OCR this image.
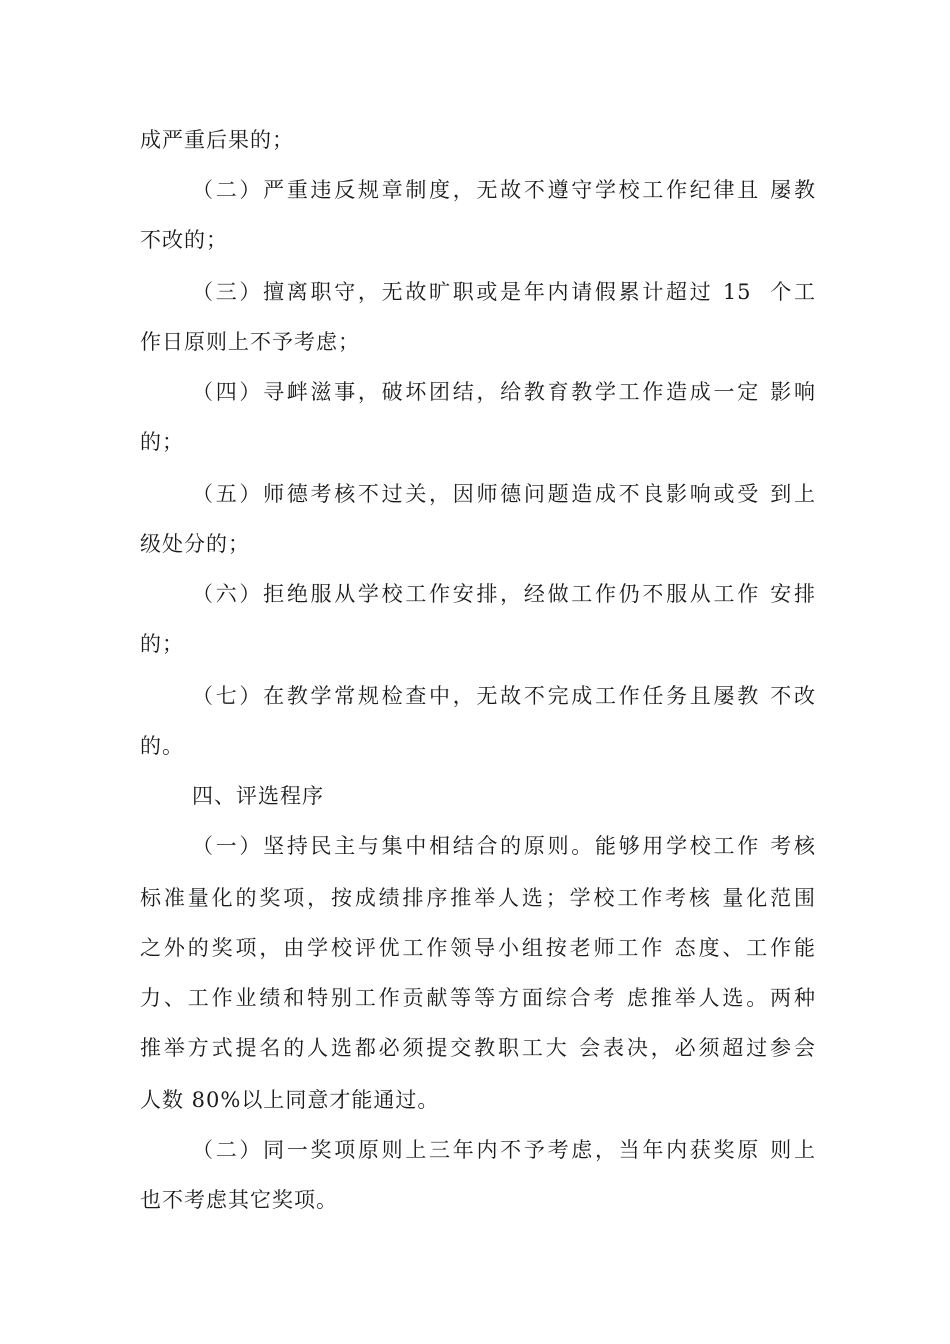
成严重后果的；
（二）严重违反规章制度，无故不遵守学校工作纪律且 屡教
不改的；
（三）擅离职守，无故旷职或是年内请假累计超过 15  个工
作日原则上不予考虑；
（四）寻衅滋事，破坏团结，给教育教学工作造成一定 影响
的；
（五）师德考核不过关，因师德问题造成不良影响或受 到上
级处分的；
（六）拒绝服从学校工作安排，经做工作仍不服从工作 安排
的；
（七）在教学常规检查中，无故不完成工作任务且屡教 不改
的。
四、评选程序
（一）坚持民主与集中相结合的原则。能够用学校工作 考核
标准量化的奖项，按成绩排序推举人选；学校工作考核 量化范围
之外的奖项，由学校评优工作领导小组按老师工作 态度、工作能
力、工作业绩和特别工作贡献等等方面综合考 虑推举人选。两种
推举方式提名的人选都必须提交教职工大 会表决，必须超过参会
人数 80%以上同意才能通过。
（二）同一奖项原则上三年内不予考虑，当年内获奖原 则上
也不考虑其它奖项。
